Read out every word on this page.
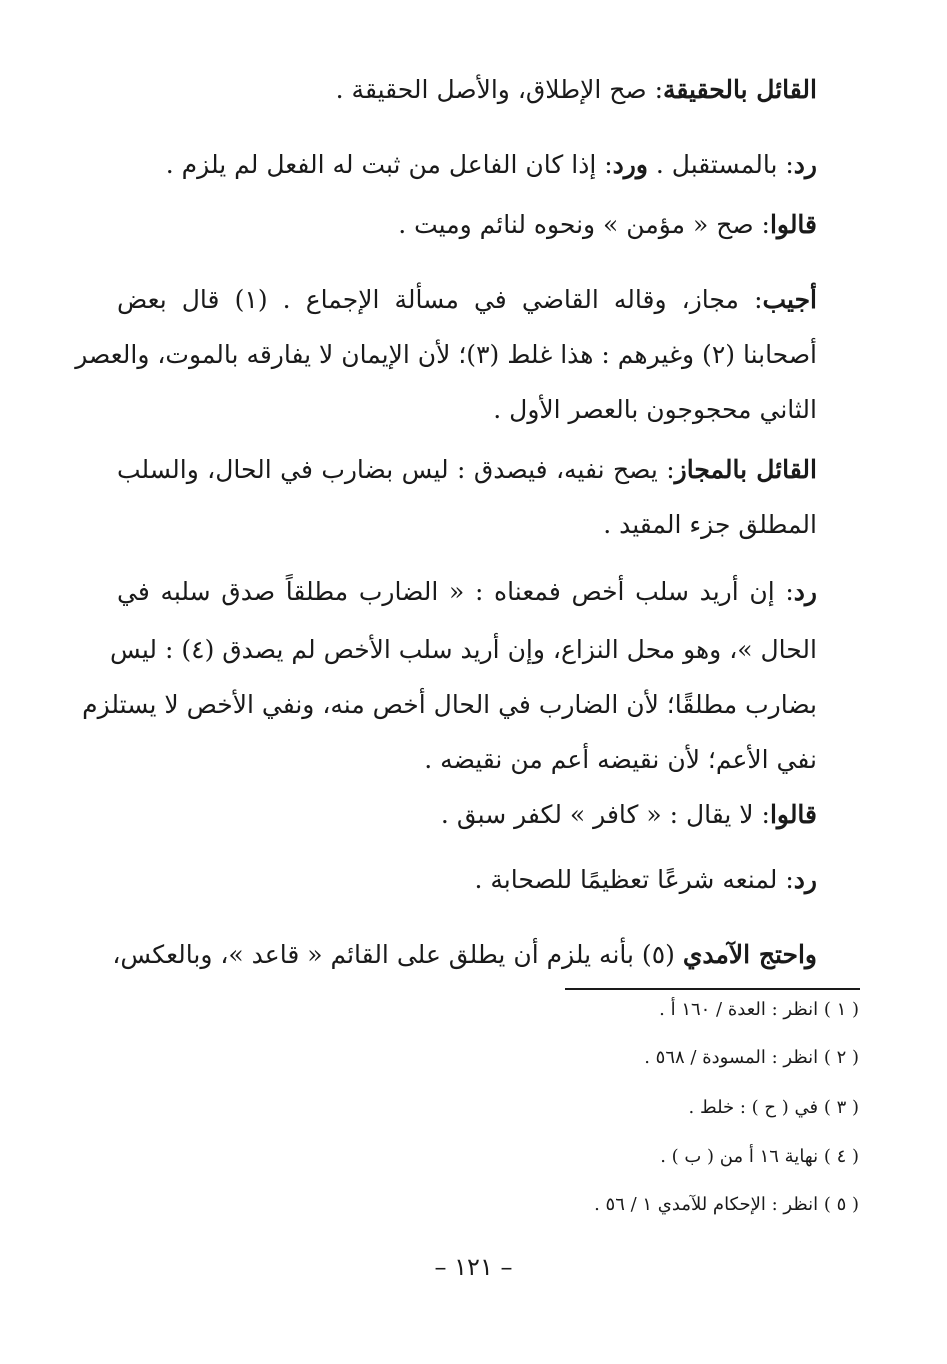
القائل بالحقيقة: صح الإطلاق، والأصل الحقيقة .
رد: بالمستقبل . ورد: إذا كان الفاعل من ثبت له الفعل لم يلزم .
قالوا: صح « مؤمن » ونحوه لنائم وميت .
أجيب: مجاز، وقاله القاضي في مسألة الإجماع . (١) قال بعض
أصحابنا (٢) وغيرهم : هذا غلط (٣)؛ لأن الإيمان لا يفارقه بالموت، والعصر
الثاني محجوجون بالعصر الأول .
القائل بالمجاز: يصح نفيه، فيصدق : ليس بضارب في الحال، والسلب
المطلق جزء المقيد .
رد: إن أريد سلب أخص فمعناه : « الضارب مطلقاً صدق سلبه في
الحال »، وهو محل النزاع، وإن أريد سلب الأخص لم يصدق (٤) : ليس
بضارب مطلقًا؛ لأن الضارب في الحال أخص منه، ونفي الأخص لا يستلزم
نفي الأعم؛ لأن نقيضه أعم من نقيضه .
قالوا: لا يقال : « كافر » لكفر سبق .
رد: لمنعه شرعًا تعظيمًا للصحابة .
واحتج الآمدي (٥) بأنه يلزم أن يطلق على القائم « قاعد »، وبالعكس،
( ١ ) انظر : العدة / ١٦٠ أ .
( ٢ ) انظر : المسودة / ٥٦٨ .
( ٣ ) في ( ح ) : خلط .
( ٤ ) نهاية ١٦ أ من ( ب ) .
( ٥ ) انظر : الإحكام للآمدي ١ / ٥٦ .
– ١٢١ –
